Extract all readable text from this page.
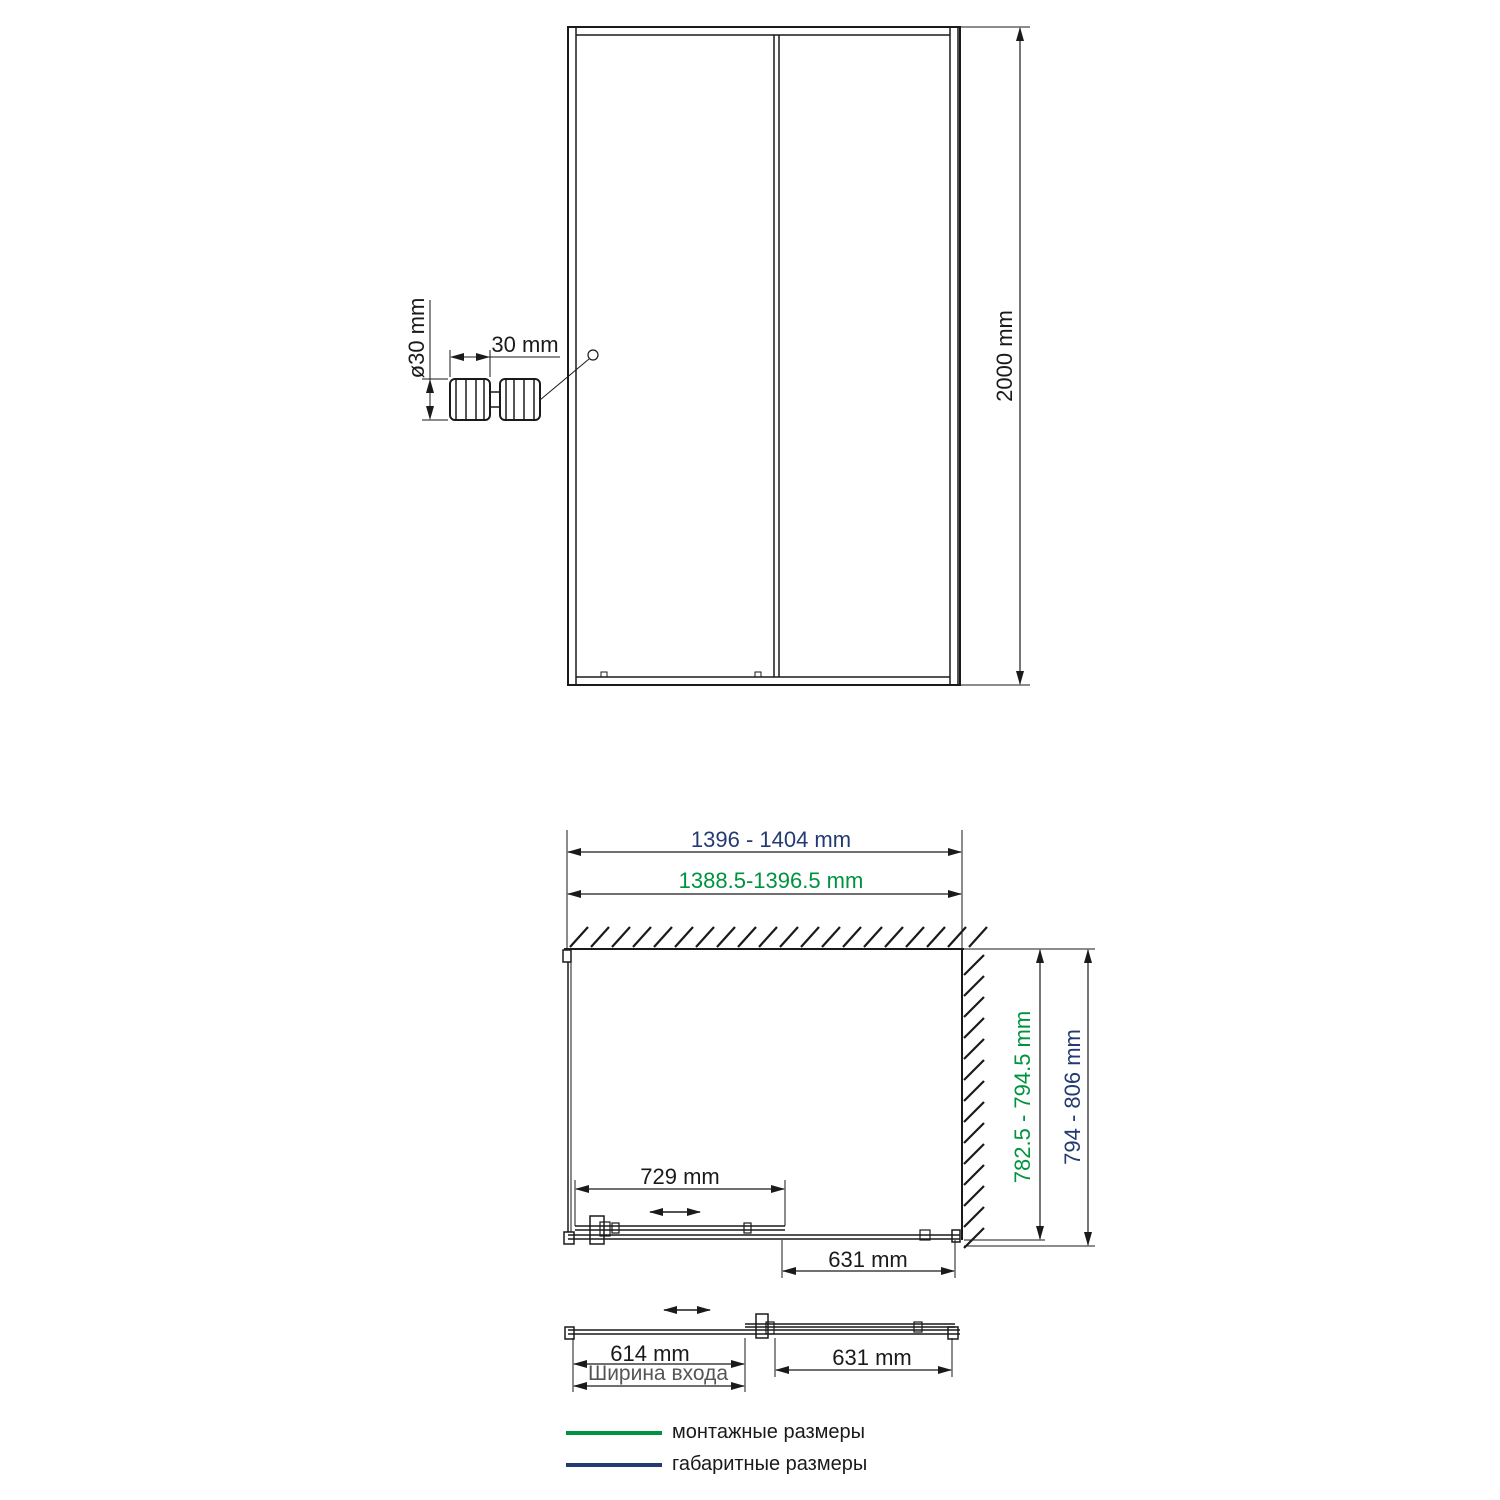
2000 mm
30 mm
ø30 mm
1396 - 1404 mm
1388.5-1396.5 mm
729 mm
631 mm
782.5 - 794.5 mm 794 - 806 mm
614 mm
Ширина входа
631 mm
монтажные размеры
габаритные размеры
